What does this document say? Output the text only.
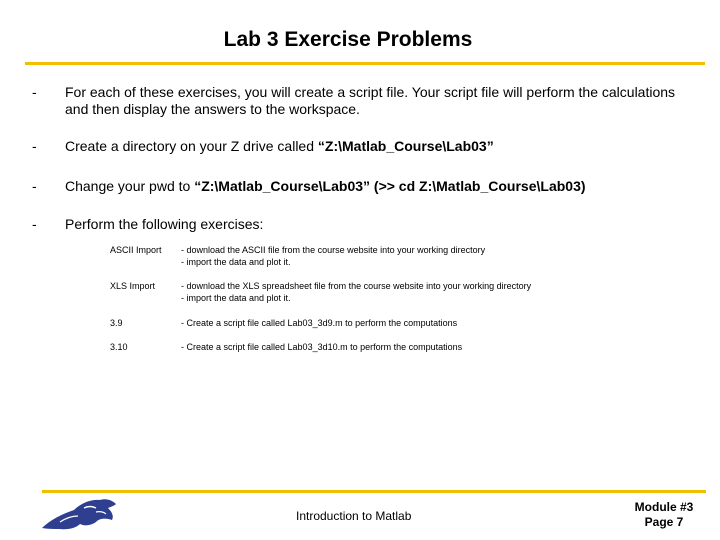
Lab 3 Exercise Problems
- For each of these exercises, you will create a script file. Your script file will perform the calculations and then display the answers to the workspace.
- Create a directory on your Z drive called “Z:\Matlab_Course\Lab03”
- Change your pwd to “Z:\Matlab_Course\Lab03” (>> cd Z:\Matlab_Course\Lab03)
- Perform the following exercises:
ASCII Import	- download the ASCII file from the course website into your working directory
- import the data and plot it.
XLS Import	- download the XLS spreadsheet file from the course website into your working directory
- import the data and plot it.
3.9	- Create a script file called Lab03_3d9.m to perform the computations
3.10	- Create a script file called Lab03_3d10.m to perform the computations
Introduction to Matlab
Module #3
Page 7
